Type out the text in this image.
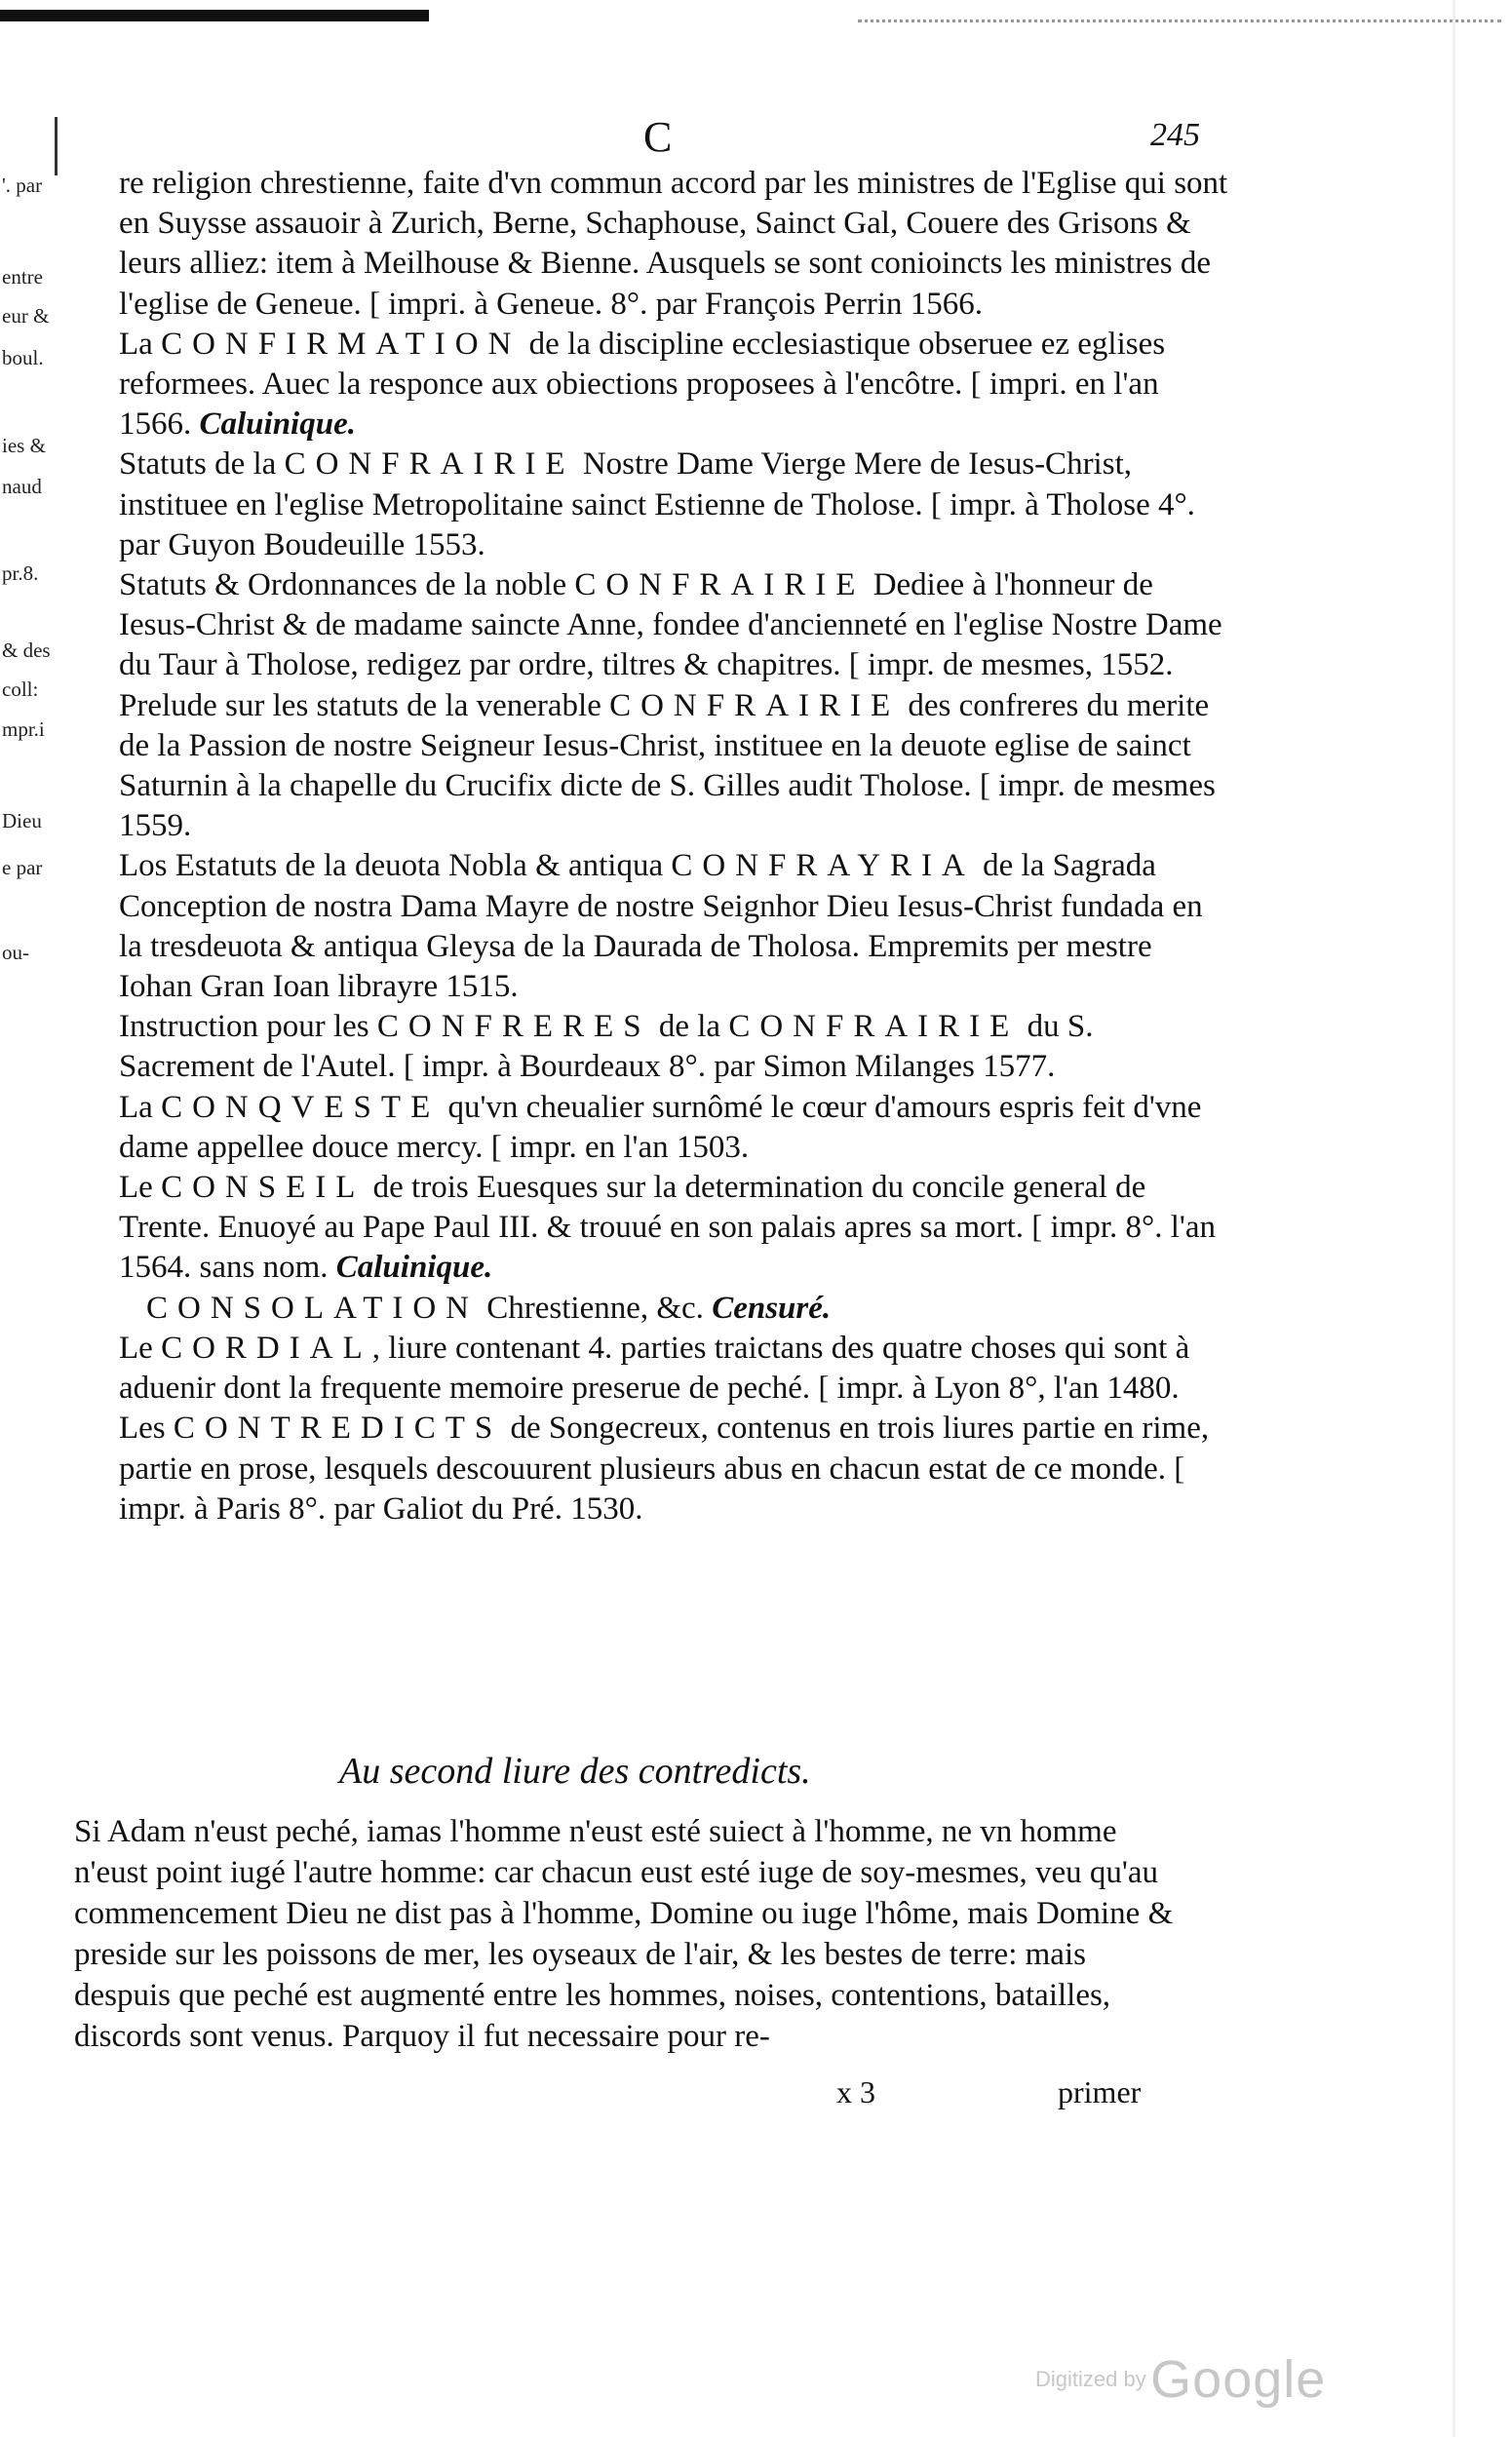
'. par
entre
eur &
boul.
ies &
naud
pr.8.
& des
coll:
mpr.i
Dieu
e par
ou-
C	245

re religion chrestienne, faite d'vn commun accord par les ministres de l'Eglise qui sont en Suysse assauoir à Zurich, Berne, Schaphouse, Sainct Gal, Couere des Grisons & leurs alliez: item à Meilhouse & Bienne. Ausquels se sont conioincts les ministres de l'eglise de Geneue. [ impri. à Geneue. 8°. par François Perrin 1566.

La CONFIRMATION de la discipline ecclesiastique obseruee ez eglises reformees. Auec la responce aux obiections proposees à l'encôtre. [ impri. en l'an 1566. Caluinique.

Statuts de la CONFRAIRIE Nostre Dame Vierge Mere de Iesus-Christ, instituee en l'eglise Metropolitaine sainct Estienne de Tholose. [ impr. à Tholose 4°. par Guyon Boudeuille 1553.

Statuts & Ordonnances de la noble CONFRAIRIE Dediee à l'honneur de Iesus-Christ & de madame saincte Anne, fondee d'ancienneté en l'eglise Nostre Dame du Taur à Tholose, redigez par ordre, tiltres & chapitres. [ impr. de mesmes, 1552.

Prelude sur les statuts de la venerable CONFRAIRIE des confreres du merite de la Passion de nostre Seigneur Iesus-Christ, instituee en la deuote eglise de sainct Saturnin à la chapelle du Crucifix dicte de S. Gilles audit Tholose. [ impr. de mesmes 1559.

Los Estatuts de la deuota Nobla & antiqua CONFRAYRIA de la Sagrada Conception de nostra Dama Mayre de nostre Seignhor Dieu Iesus-Christ fundada en la tresdeuota & antiqua Gleysa de la Daurada de Tholosa. Empremits per mestre Iohan Gran Ioan librayre 1515.

Instruction pour les CONFRERES de la CONFRAIRIE du S. Sacrement de l'Autel. [ impr. à Bourdeaux 8°. par Simon Milanges 1577.

La CONQVESTE qu'vn cheualier surnômé le cœur d'amours espris feit d'vne dame appellee douce mercy. [ impr. en l'an 1503.

Le CONSEIL de trois Euesques sur la determination du concile general de Trente. Enuoyé au Pape Paul III. & trouué en son palais apres sa mort. [ impr. 8°. l'an 1564. sans nom. Caluinique.

CONSOLATION Chrestienne, &c. Censuré.

Le CORDIAL, liure contenant 4. parties traictans des quatre choses qui sont à aduenir dont la frequente memoire preserue de peché. [ impr. à Lyon 8°, l'an 1480.

Les CONTREDICTS de Songecreux, contenus en trois liures partie en rime, partie en prose, lesquels descouurent plusieurs abus en chacun estat de ce monde. [ impr. à Paris 8°. par Galiot du Pré. 1530.

Au second liure des contredicts.
Si Adam n'eust peché, iamas l'homme n'eust esté suiect à l'homme, ne vn homme n'eust point iugé l'autre homme: car chacun eust esté iuge de soy-mesmes, veu qu'au commencement Dieu ne dist pas à l'homme, Domine ou iuge l'hôme, mais Domine & preside sur les poissons de mer, les oyseaux de l'air, & les bestes de terre: mais despuis que peché est augmenté entre les hommes, noises, contentions, batailles, discords sont venus. Parquoy il fut necessaire pour re-
x 3	primer
Digitized by Google
